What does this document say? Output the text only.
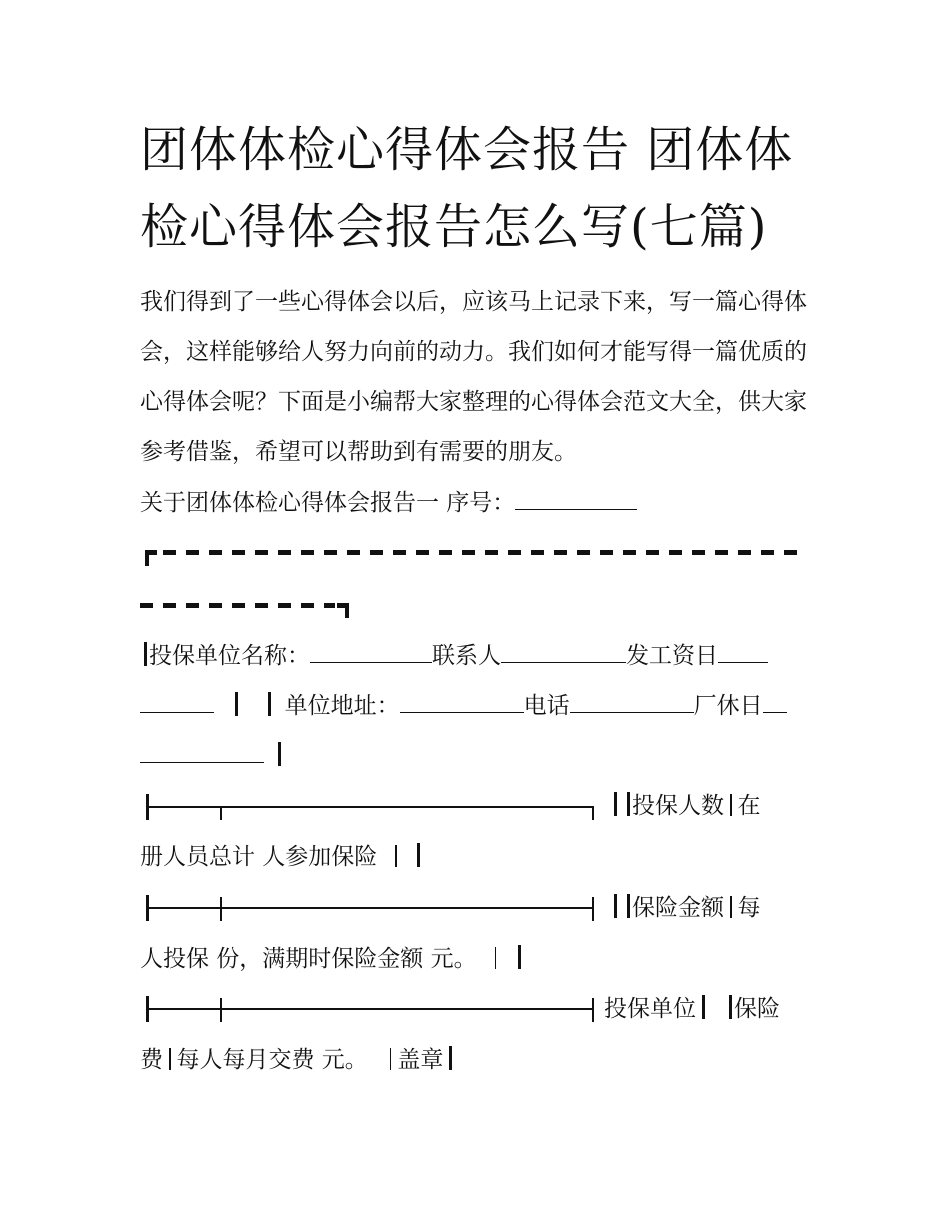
团体体检心得体会报告 团体体检心得体会报告怎么写(七篇)

我们得到了一些心得体会以后，应该马上记录下来，写一篇心得体会，这样能够给人努力向前的动力。我们如何才能写得一篇优质的心得体会呢？下面是小编帮大家整理的心得体会范文大全，供大家参考借鉴，希望可以帮助到有需要的朋友。

关于团体体检心得体会报告一 序号：
投保单位名称：	联系人	发工资日
单位地址：	电话	厂休日
投保人数 在
册人员总计 人参加保险
保险金额 每
人投保 份，满期时保险金额 元。
投保单位 保险
费 每人每月交费 元。 盖章
